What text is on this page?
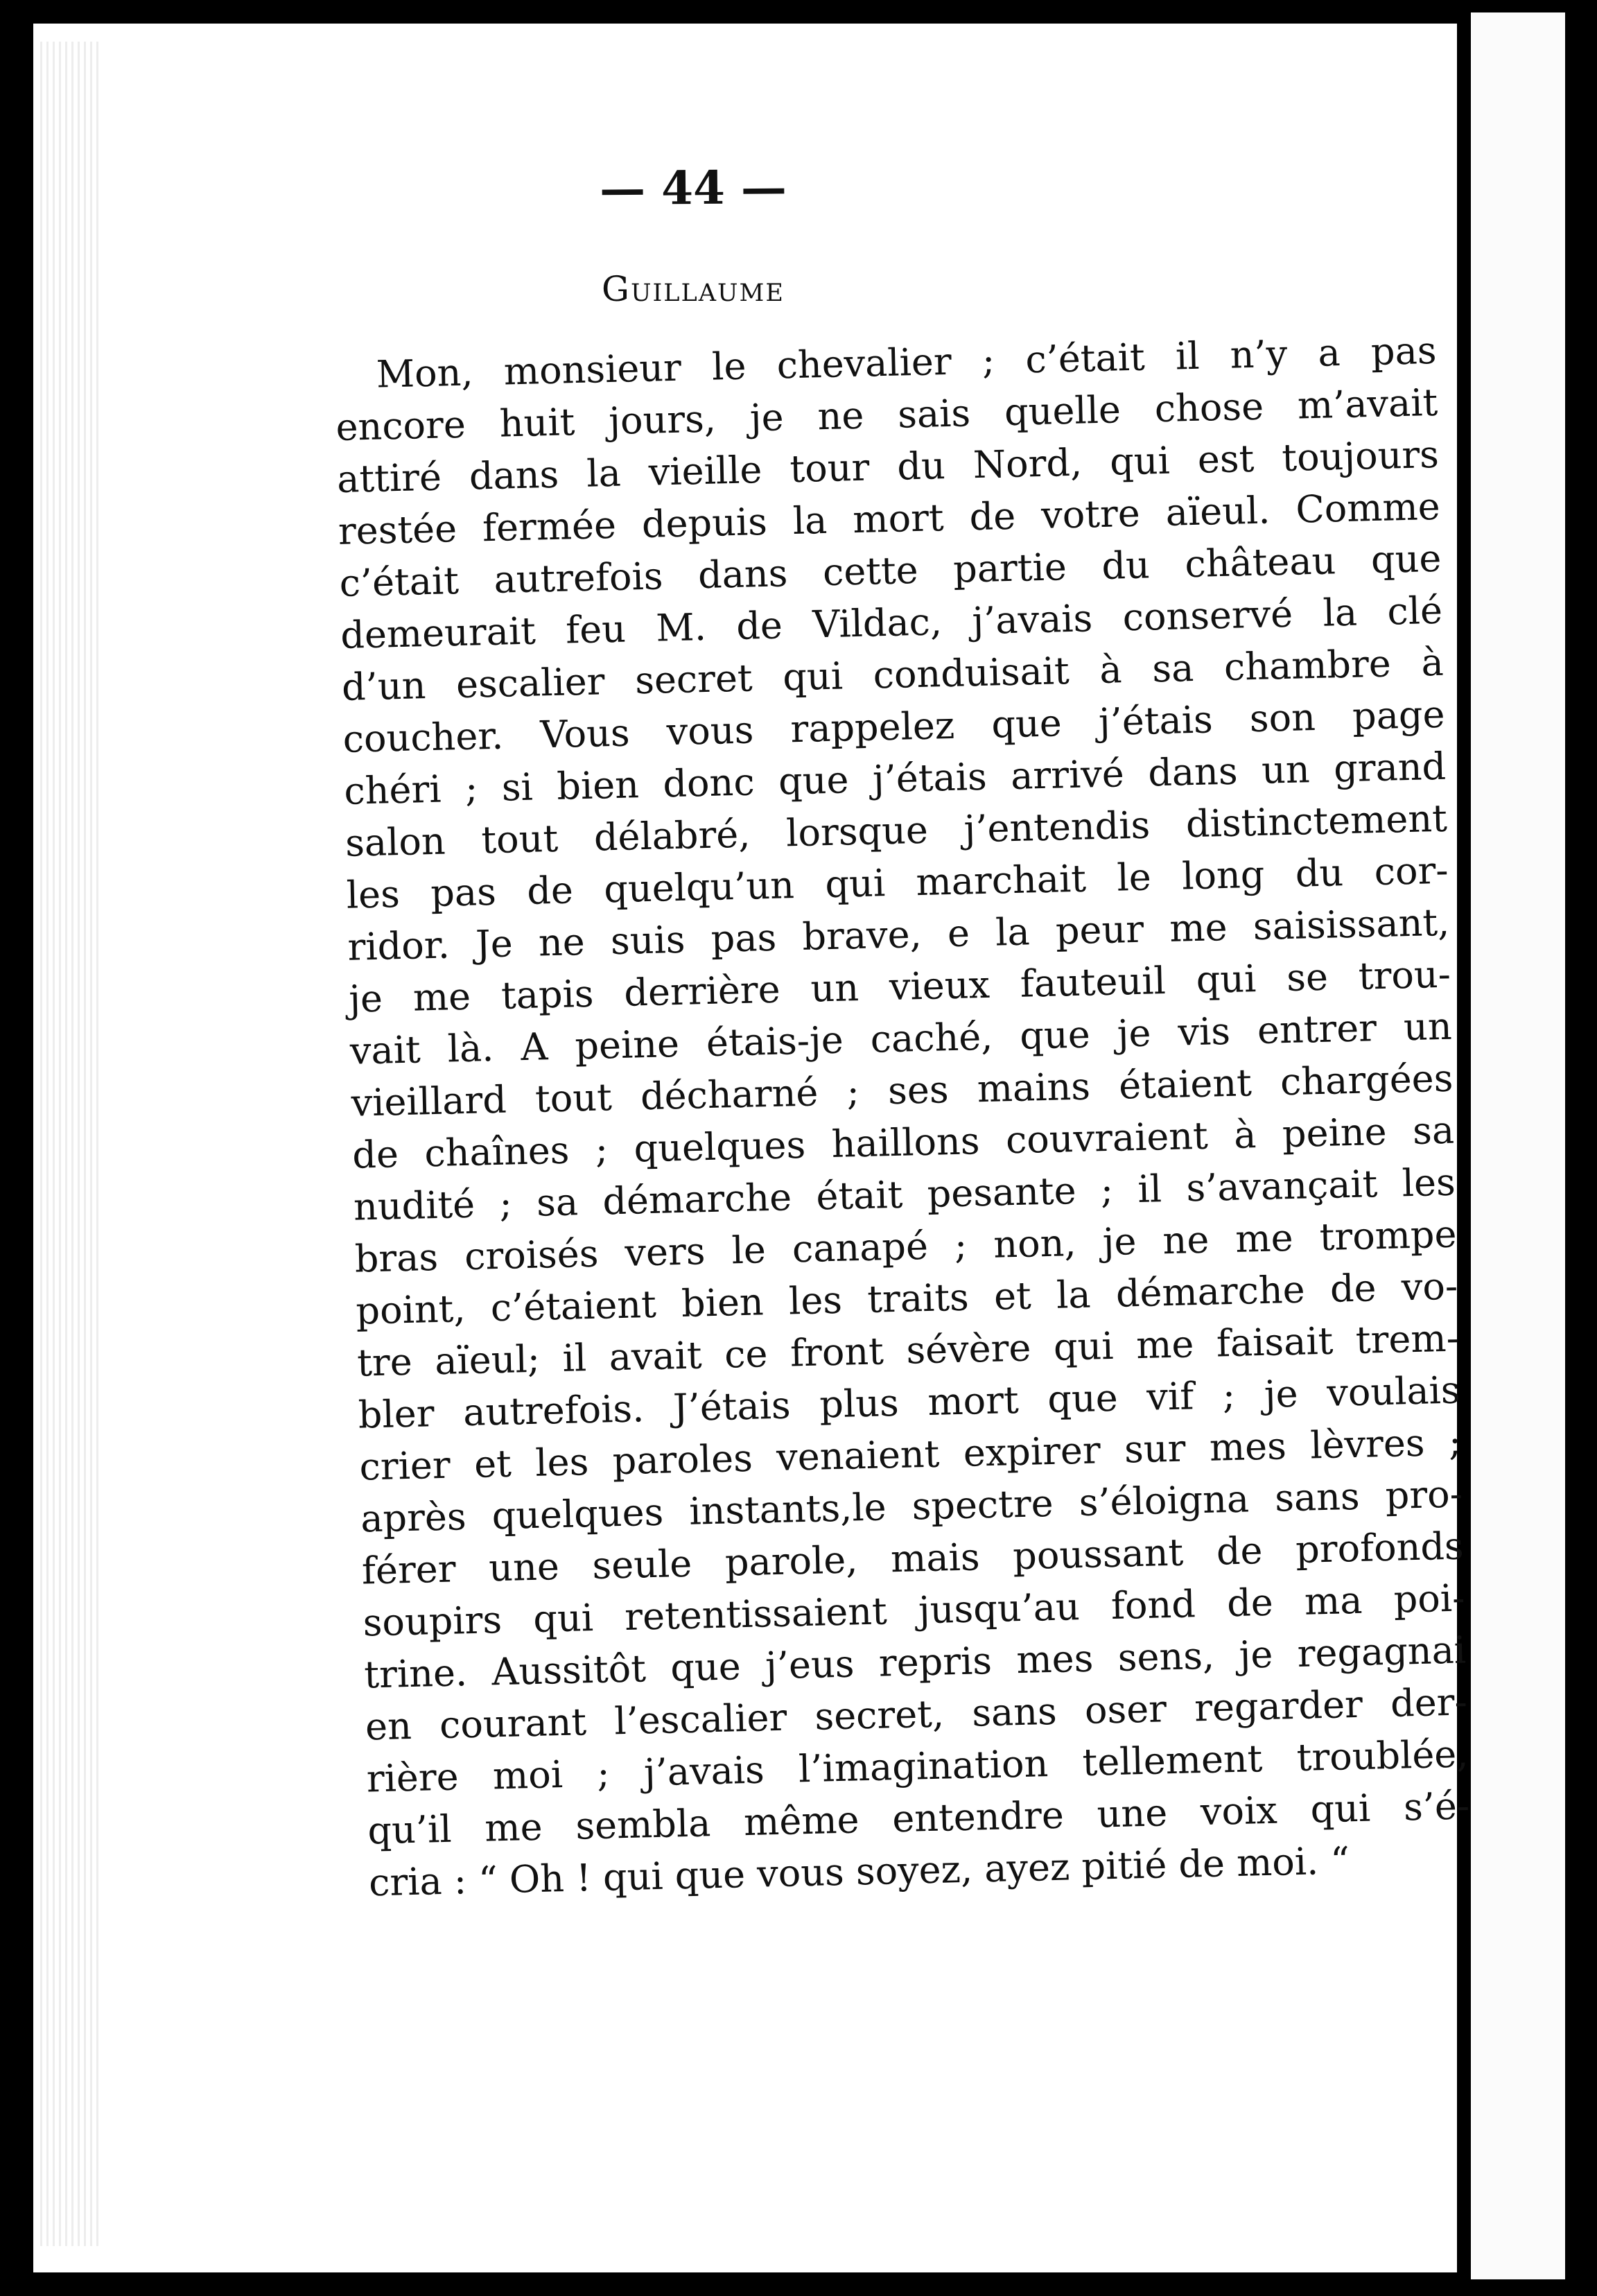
— 44 —

Guillaume

Mon, monsieur le chevalier ; c’était il n’y a pas
encore huit jours, je ne sais quelle chose m’avait
attiré dans la vieille tour du Nord, qui est toujours
restée fermée depuis la mort de votre aïeul. Comme
c’était autrefois dans cette partie du château que
demeurait feu M. de Vildac, j’avais conservé la clé
d’un escalier secret qui conduisait à sa chambre à
coucher. Vous vous rappelez que j’étais son page
chéri ; si bien donc que j’étais arrivé dans un grand
salon tout délabré, lorsque j’entendis distinctement
les pas de quelqu’un qui marchait le long du cor-
ridor. Je ne suis pas brave, e la peur me saisissant,
je me tapis derrière un vieux fauteuil qui se trou-
vait là. A peine étais-je caché, que je vis entrer un
vieillard tout décharné ; ses mains étaient chargées
de chaînes ; quelques haillons couvraient à peine sa
nudité ; sa démarche était pesante ; il s’avançait les
bras croisés vers le canapé ; non, je ne me trompe
point, c’étaient bien les traits et la démarche de vo-
tre aïeul; il avait ce front sévère qui me faisait trem-
bler autrefois. J’étais plus mort que vif ; je voulais
crier et les paroles venaient expirer sur mes lèvres ;
après quelques instants,le spectre s’éloigna sans pro-
férer une seule parole, mais poussant de profonds
soupirs qui retentissaient jusqu’au fond de ma poi-
trine. Aussitôt que j’eus repris mes sens, je regagnai
en courant l’escalier secret, sans oser regarder der-
rière moi ; j’avais l’imagination tellement troublée,
qu’il me sembla même entendre une voix qui s’é-
cria : “ Oh ! qui que vous soyez, ayez pitié de moi. “
